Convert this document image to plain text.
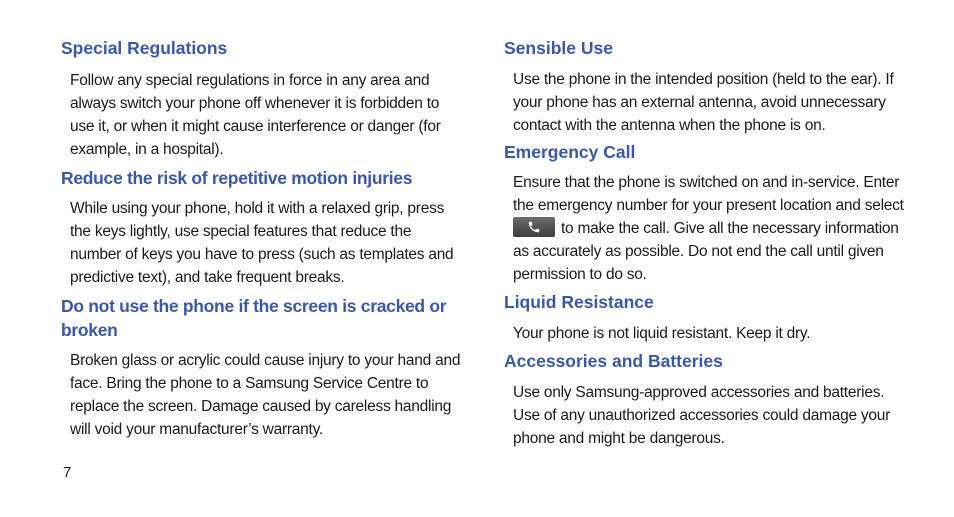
Special Regulations

Follow any special regulations in force in any area and always switch your phone off whenever it is forbidden to use it, or when it might cause interference or danger (for example, in a hospital).

Reduce the risk of repetitive motion injuries

While using your phone, hold it with a relaxed grip, press the keys lightly, use special features that reduce the number of keys you have to press (such as templates and predictive text), and take frequent breaks.

Do not use the phone if the screen is cracked or broken

Broken glass or acrylic could cause injury to your hand and face. Bring the phone to a Samsung Service Centre to replace the screen. Damage caused by careless handling will void your manufacturer’s warranty.

Sensible Use

Use the phone in the intended position (held to the ear). If your phone has an external antenna, avoid unnecessary contact with the antenna when the phone is on.

Emergency Call

Ensure that the phone is switched on and in-service. Enter the emergency number for your present location and select
to make the call. Give all the necessary information as accurately as possible. Do not end the call until given permission to do so.

Liquid Resistance

Your phone is not liquid resistant. Keep it dry.

Accessories and Batteries

Use only Samsung-approved accessories and batteries. Use of any unauthorized accessories could damage your phone and might be dangerous.

7
